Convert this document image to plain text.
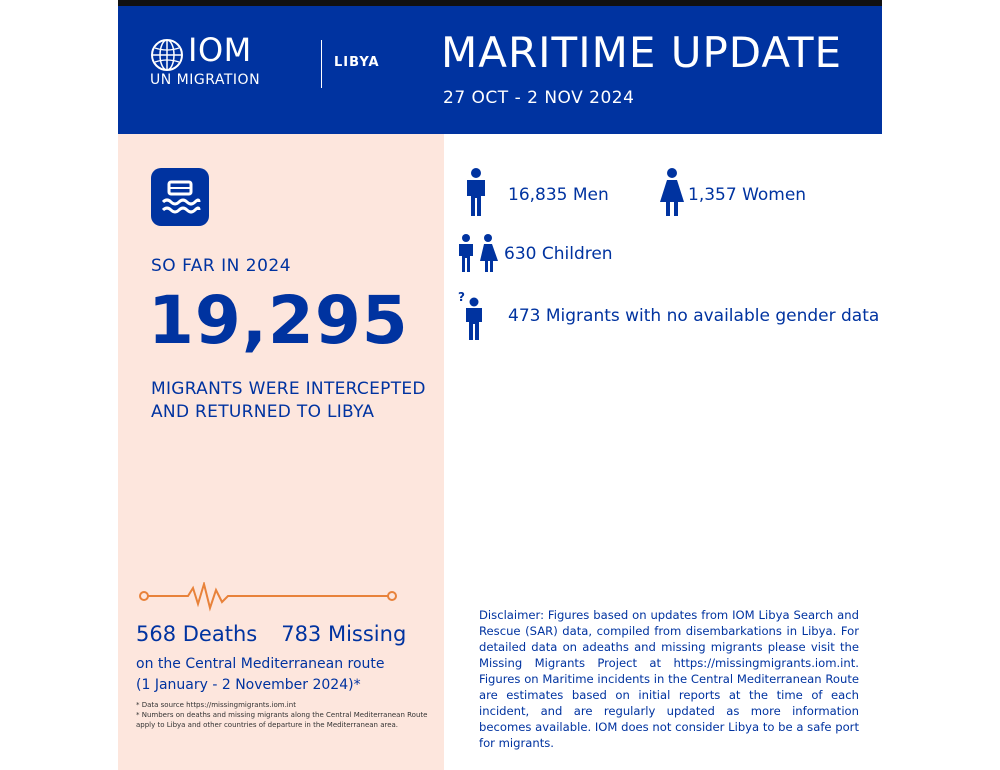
IOM
UN MIGRATION
LIBYA MARITIME UPDATE
27 OCT - 2 NOV 2024
SO FAR IN 2024
19,295
MIGRANTS WERE INTERCEPTED AND RETURNED TO LIBYA
568 Deaths 783 Missing
on the Central Mediterranean route
(1 January - 2 November 2024)*
* Data source https://missingmigrants.iom.int
* Numbers on deaths and missing migrants along the Central Mediterranean Route apply to Libya and other countries of departure in the Mediterranean area.
16,835 Men	1,357 Women
630 Children
?
473 Migrants with no available gender data
Disclaimer: Figures based on updates from IOM Libya Search and Rescue (SAR) data, compiled from disembarkations in Libya. For detailed data on adeaths and missing migrants please visit the Missing Migrants Project at https://missingmigrants.iom.int. Figures on Maritime incidents in the Central Mediterranean Route are estimates based on initial reports at the time of each incident, and are regularly updated as more information becomes available. IOM does not consider Libya to be a safe port for migrants.
